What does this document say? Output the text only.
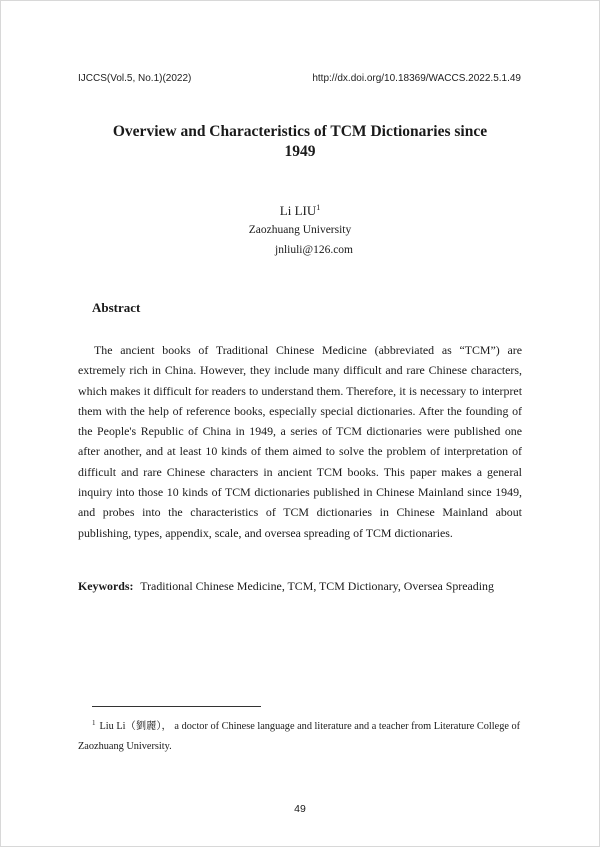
IJCCS(Vol.5, No.1)(2022)	http://dx.doi.org/10.18369/WACCS.2022.5.1.49
Overview and Characteristics of TCM Dictionaries since
1949
Li LIU$^1$
Zaozhuang University
jnliuli@126.com
Abstract

The ancient books of Traditional Chinese Medicine (abbreviated as “TCM”) are extremely rich in China. However, they include many difficult and rare Chinese characters, which makes it difficult for readers to understand them. Therefore, it is necessary to interpret them with the help of reference books, especially special dictionaries. After the founding of the People's Republic of China in 1949, a series of TCM dictionaries were published one after another, and at least 10 kinds of them aimed to solve the problem of interpretation of difficult and rare Chinese characters in ancient TCM books. This paper makes a general inquiry into those 10 kinds of TCM dictionaries published in Chinese Mainland since 1949, and probes into the characteristics of TCM dictionaries in Chinese Mainland about publishing, types, appendix, scale, and oversea spreading of TCM dictionaries.

Keywords: Traditional Chinese Medicine, TCM, TCM Dictionary, Oversea Spreading

$^1$ Liu Li（劉麗）， a doctor of Chinese language and literature and a teacher from Literature College of Zaozhuang University.

49
